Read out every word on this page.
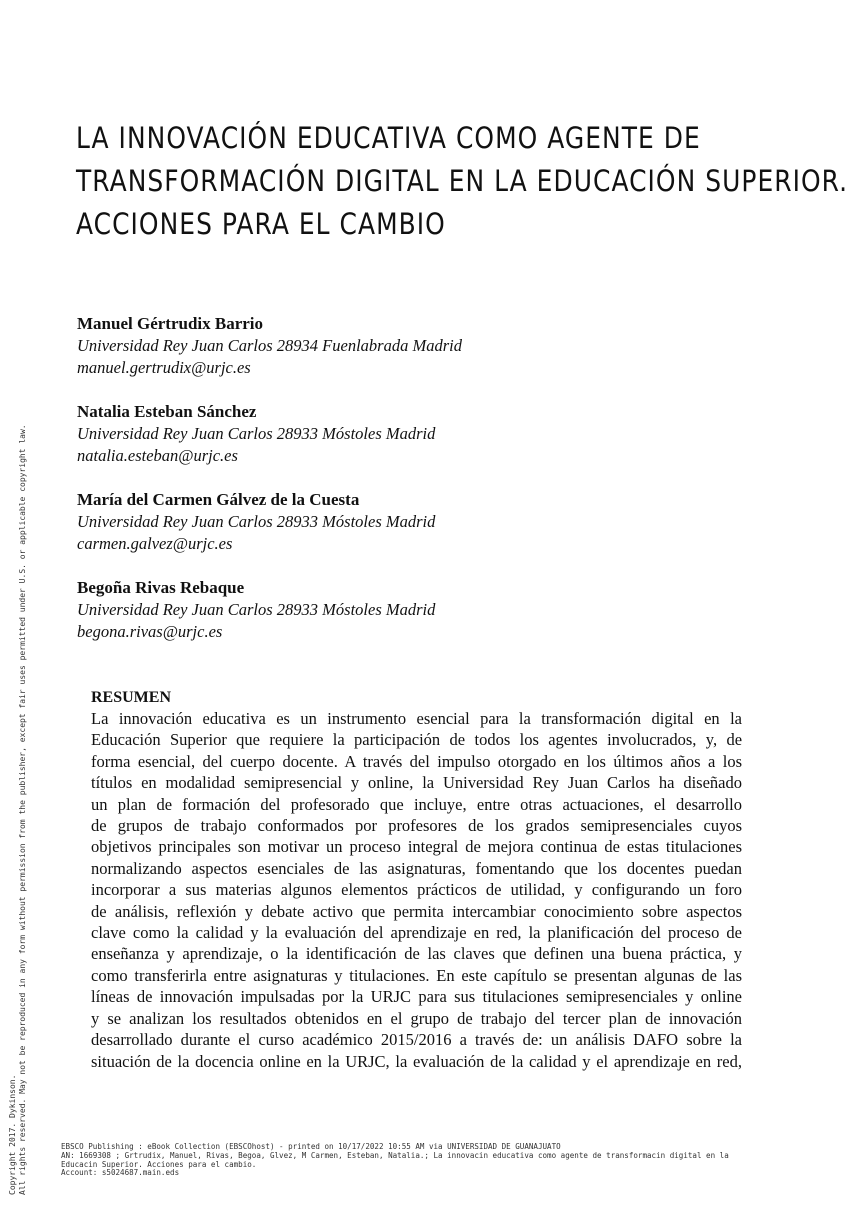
LA INNOVACIÓN EDUCATIVA COMO AGENTE DE
TRANSFORMACIÓN DIGITAL EN LA EDUCACIÓN SUPERIOR.
ACCIONES PARA EL CAMBIO
Manuel Gértrudix Barrio
Universidad Rey Juan Carlos 28934 Fuenlabrada Madrid
manuel.gertrudix@urjc.es
Natalia Esteban Sánchez
Universidad Rey Juan Carlos 28933 Móstoles Madrid
natalia.esteban@urjc.es
María del Carmen Gálvez de la Cuesta
Universidad Rey Juan Carlos 28933 Móstoles Madrid
carmen.galvez@urjc.es
Begoña Rivas Rebaque
Universidad Rey Juan Carlos 28933 Móstoles Madrid
begona.rivas@urjc.es
RESUMEN
La innovación educativa es un instrumento esencial para la transformación digital en la
Educación Superior que requiere la participación de todos los agentes involucrados, y, de
forma esencial, del cuerpo docente. A través del impulso otorgado en los últimos años a los
títulos en modalidad semipresencial y online, la Universidad Rey Juan Carlos ha diseñado
un plan de formación del profesorado que incluye, entre otras actuaciones, el desarrollo
de grupos de trabajo conformados por profesores de los grados semipresenciales cuyos
objetivos principales son motivar un proceso integral de mejora continua de estas titulaciones
normalizando aspectos esenciales de las asignaturas, fomentando que los docentes puedan
incorporar a sus materias algunos elementos prácticos de utilidad, y configurando un foro
de análisis, reflexión y debate activo que permita intercambiar conocimiento sobre aspectos
clave como la calidad y la evaluación del aprendizaje en red, la planificación del proceso de
enseñanza y aprendizaje, o la identificación de las claves que definen una buena práctica, y
como transferirla entre asignaturas y titulaciones. En este capítulo se presentan algunas de las
líneas de innovación impulsadas por la URJC para sus titulaciones semipresenciales y online
y se analizan los resultados obtenidos en el grupo de trabajo del tercer plan de innovación
desarrollado durante el curso académico 2015/2016 a través de: un análisis DAFO sobre la
situación de la docencia online en la URJC, la evaluación de la calidad y el aprendizaje en red,
Copyright 2017. Dykinson. All rights reserved. May not be reproduced in any form without permission from the publisher, except fair uses permitted under U.S. or applicable copyright law.	EBSCO Publishing : eBook Collection (EBSCOhost) - printed on 10/17/2022 10:55 AM via UNIVERSIDAD DE GUANAJUATO
AN: 1669308 ; Grtrudix, Manuel, Rivas, Begoa, Glvez, M Carmen, Esteban, Natalia.; La innovacin educativa como agente de transformacin digital en la
Educacin Superior. Acciones para el cambio.
Account: s5024687.main.eds
